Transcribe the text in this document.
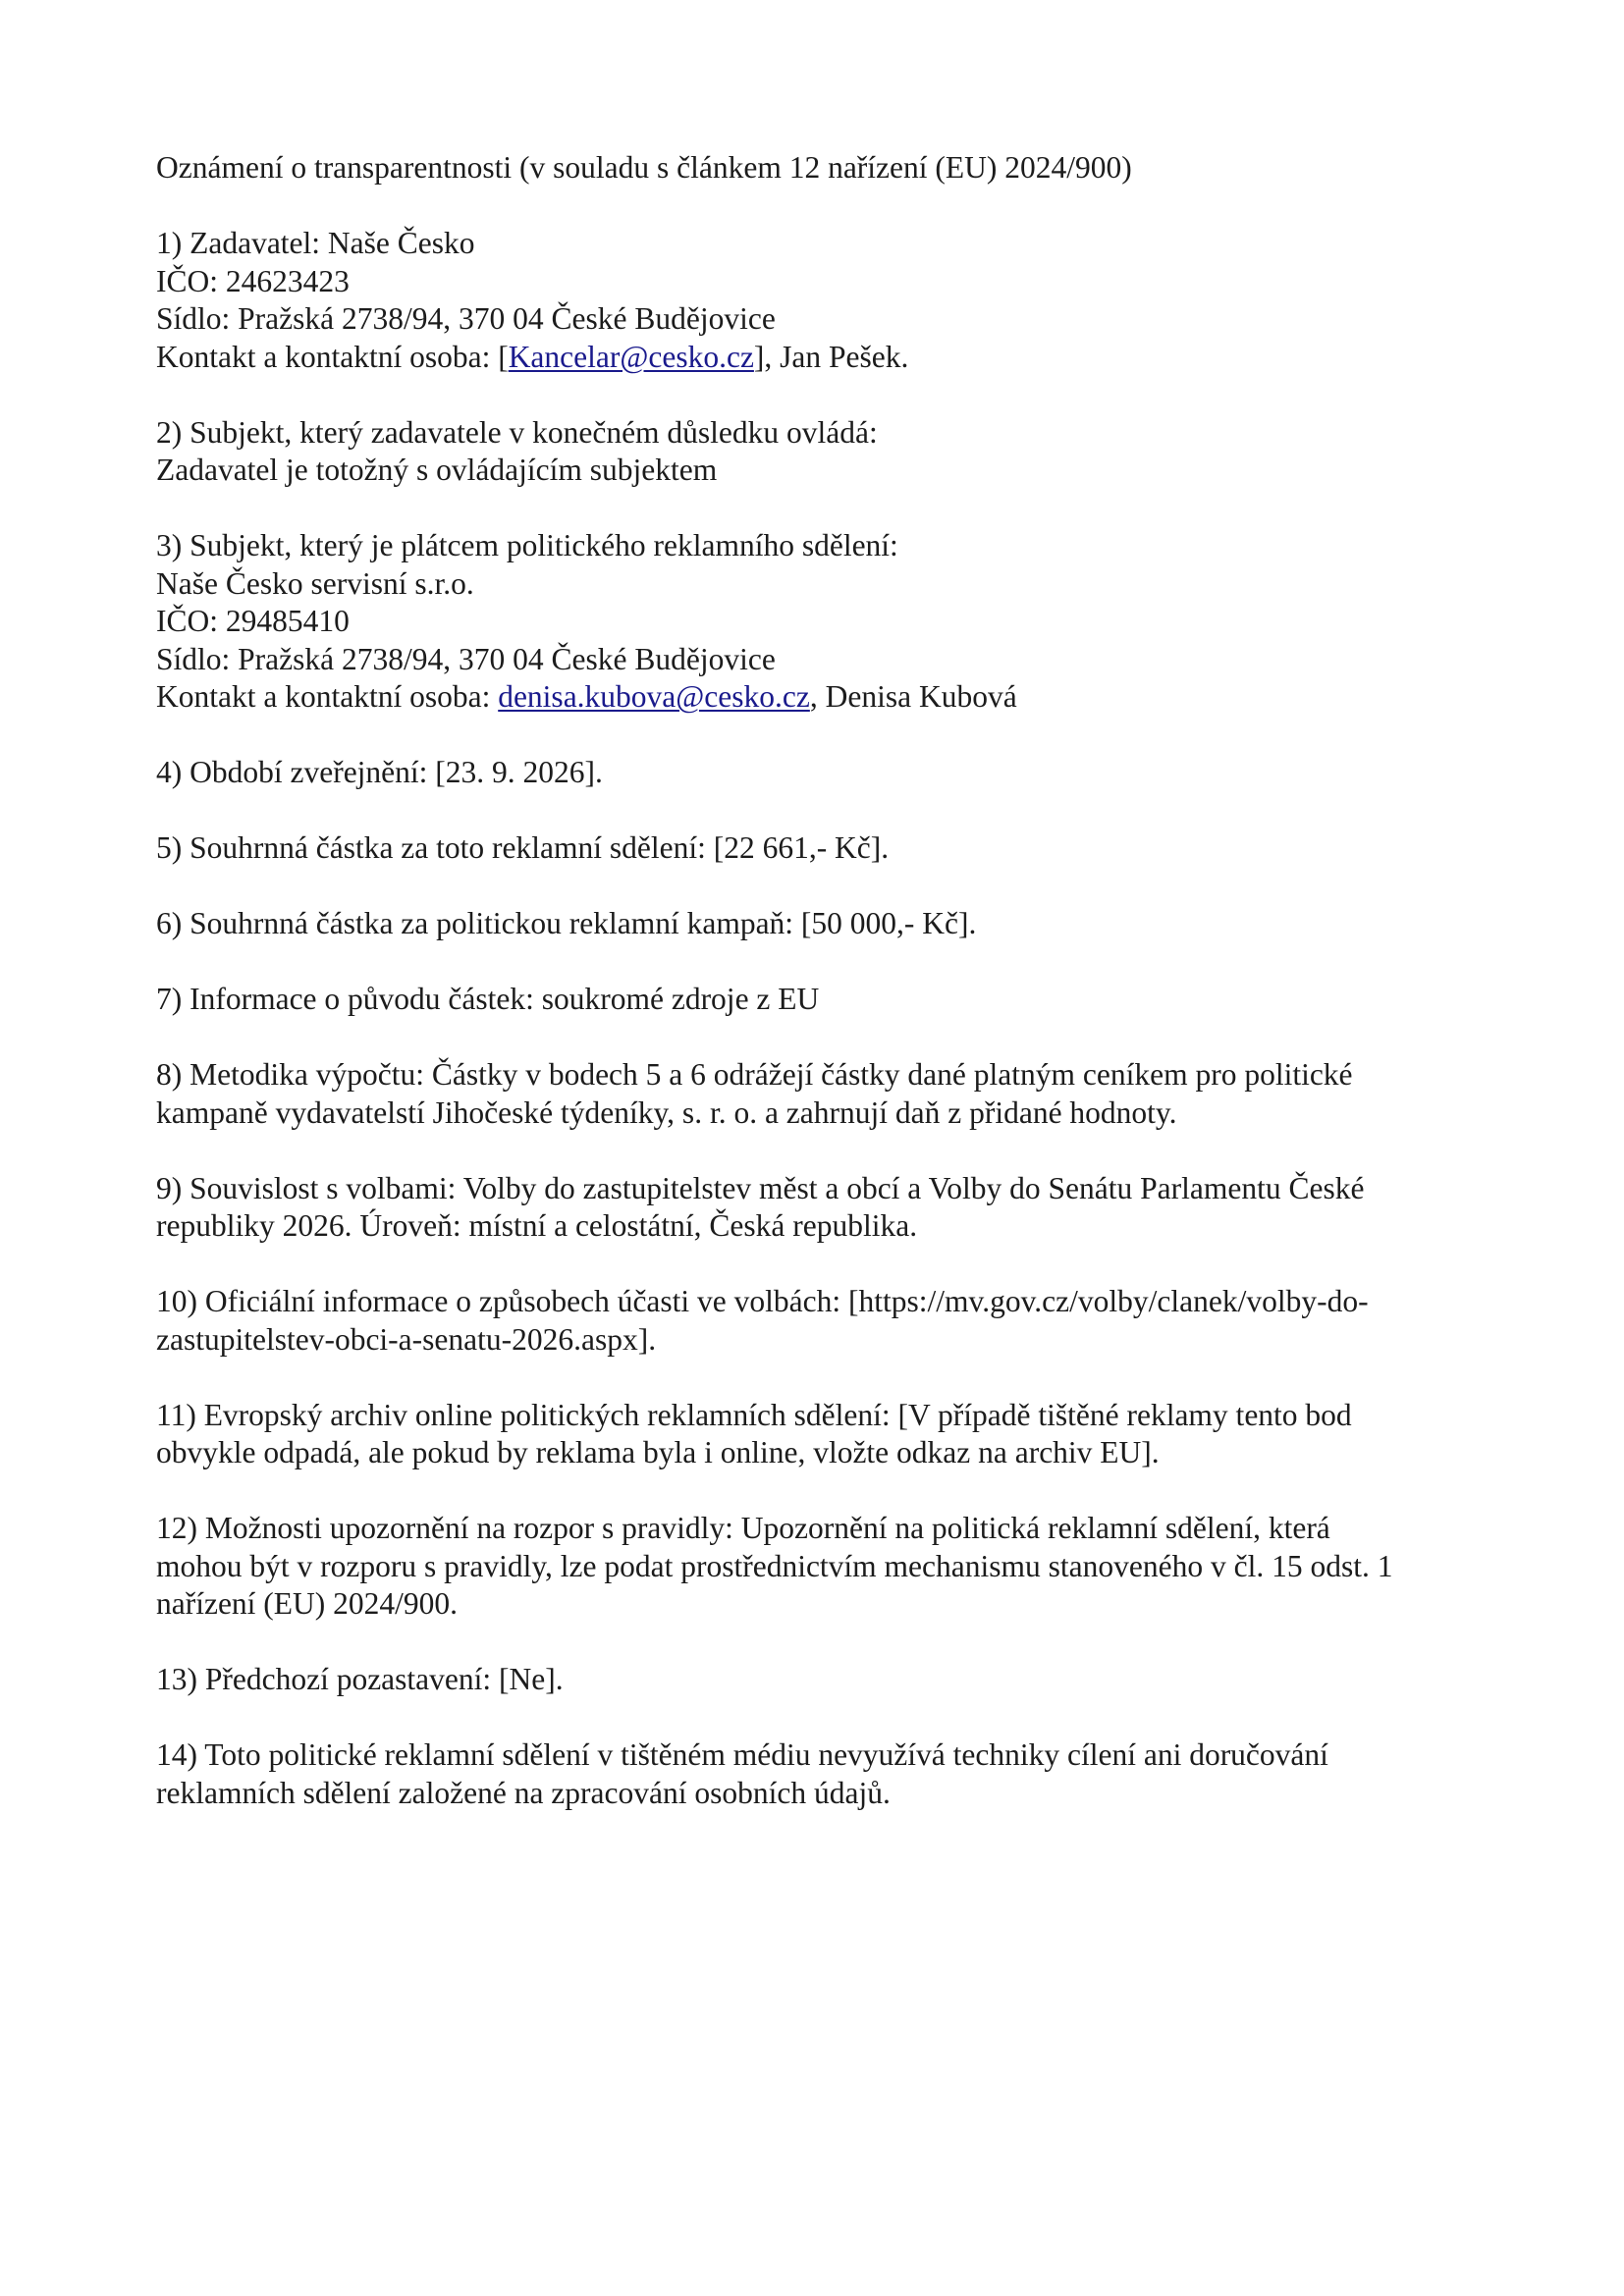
Oznámení o transparentnosti (v souladu s článkem 12 nařízení (EU) 2024/900)
1) Zadavatel: Naše Česko
IČO: 24623423
Sídlo: Pražská 2738/94, 370 04 České Budějovice
Kontakt a kontaktní osoba: [Kancelar@cesko.cz], Jan Pešek.
2) Subjekt, který zadavatele v konečném důsledku ovládá:
Zadavatel je totožný s ovládajícím subjektem
3) Subjekt, který je plátcem politického reklamního sdělení:
Naše Česko servisní s.r.o.
IČO: 29485410
Sídlo: Pražská 2738/94, 370 04 České Budějovice
Kontakt a kontaktní osoba: denisa.kubova@cesko.cz, Denisa Kubová
4) Období zveřejnění: [23. 9. 2026].
5) Souhrnná částka za toto reklamní sdělení: [22 661,- Kč].
6) Souhrnná částka za politickou reklamní kampaň: [50 000,- Kč].
7) Informace o původu částek: soukromé zdroje z EU
8) Metodika výpočtu: Částky v bodech 5 a 6 odrážejí částky dané platným ceníkem pro politické
kampaně vydavatelstí Jihočeské týdeníky, s. r. o. a zahrnují daň z přidané hodnoty.
9) Souvislost s volbami: Volby do zastupitelstev měst a obcí a Volby do Senátu Parlamentu České
republiky 2026. Úroveň: místní a celostátní, Česká republika.
10) Oficiální informace o způsobech účasti ve volbách: [https://mv.gov.cz/volby/clanek/volby-do-
zastupitelstev-obci-a-senatu-2026.aspx].
11) Evropský archiv online politických reklamních sdělení: [V případě tištěné reklamy tento bod
obvykle odpadá, ale pokud by reklama byla i online, vložte odkaz na archiv EU].
12) Možnosti upozornění na rozpor s pravidly: Upozornění na politická reklamní sdělení, která
mohou být v rozporu s pravidly, lze podat prostřednictvím mechanismu stanoveného v čl. 15 odst. 1
nařízení (EU) 2024/900.
13) Předchozí pozastavení: [Ne].
14) Toto politické reklamní sdělení v tištěném médiu nevyužívá techniky cílení ani doručování
reklamních sdělení založené na zpracování osobních údajů.
